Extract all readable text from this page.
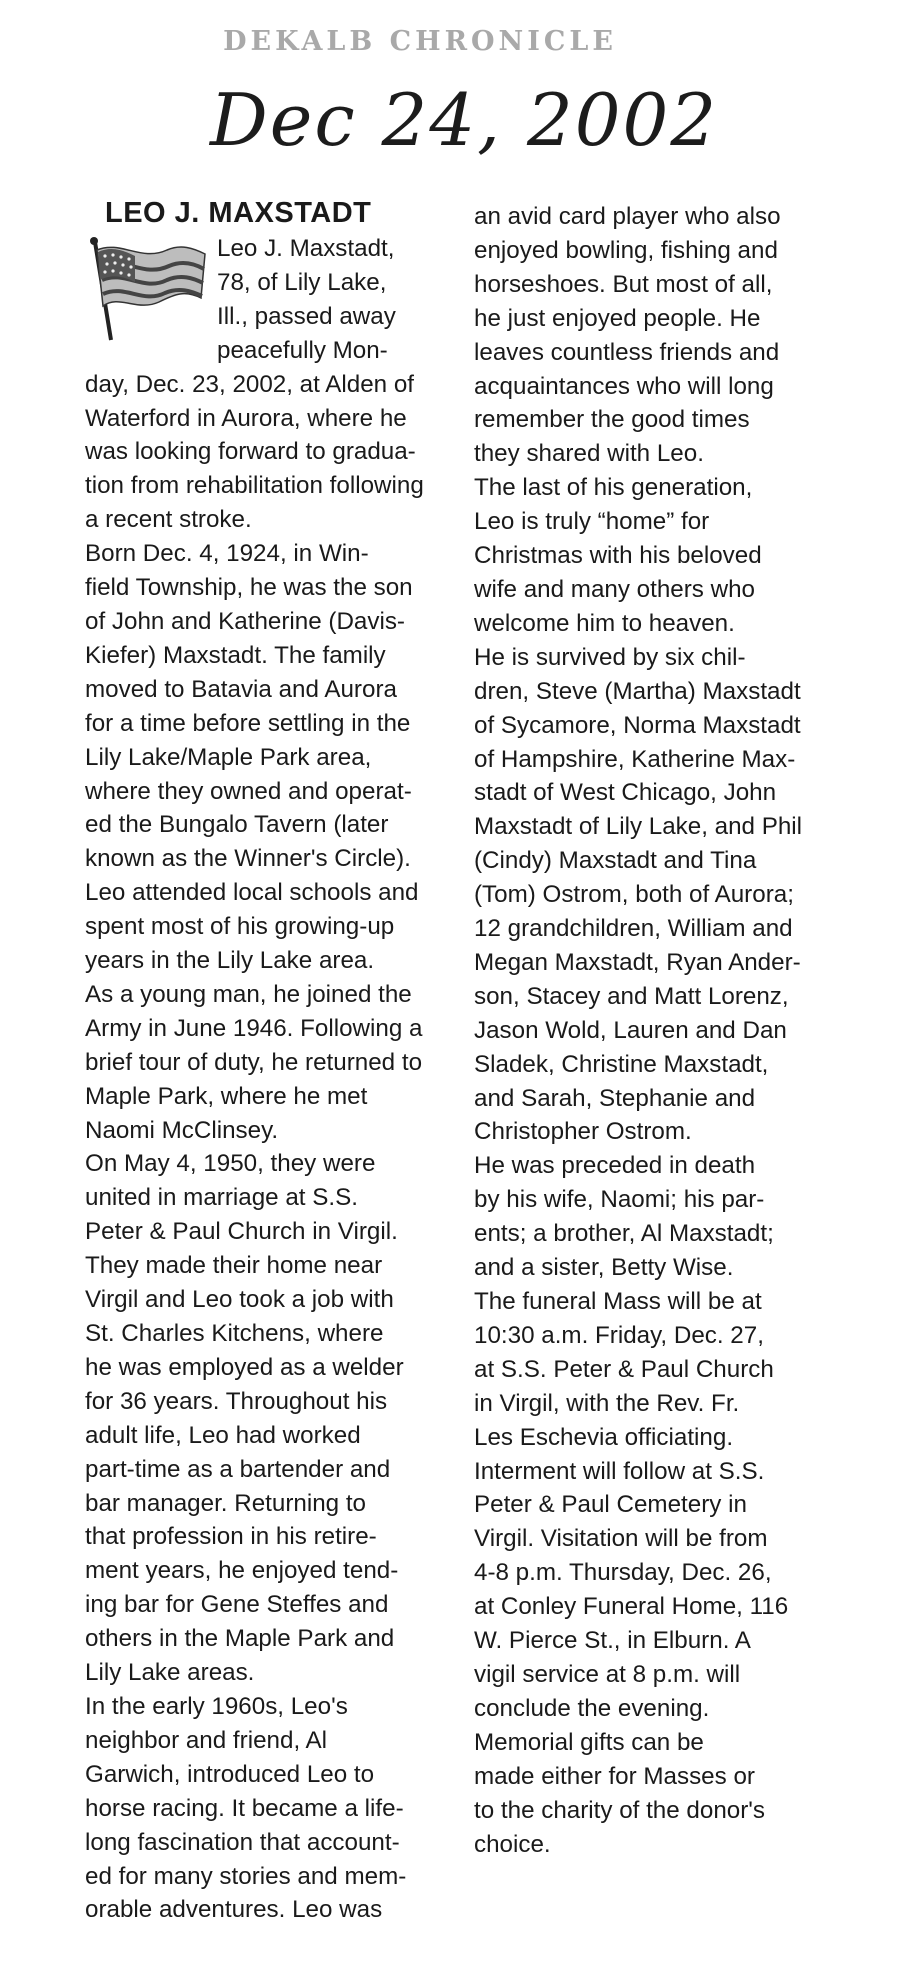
DEKALB CHRONICLE
Dec 24, 2002
LEO J. MAXSTADT

Leo J. Maxstadt,
78, of Lily Lake,
Ill., passed away
peacefully Mon-

day, Dec. 23, 2002, at Alden of
Waterford in Aurora, where he
was looking forward to gradua-
tion from rehabilitation following
a recent stroke.

Born Dec. 4, 1924, in Win-
field Township, he was the son
of John and Katherine (Davis-
Kiefer) Maxstadt. The family
moved to Batavia and Aurora
for a time before settling in the
Lily Lake/Maple Park area,
where they owned and operat-
ed the Bungalo Tavern (later
known as the Winner's Circle).
Leo attended local schools and
spent most of his growing-up
years in the Lily Lake area.
As a young man, he joined the
Army in June 1946. Following a
brief tour of duty, he returned to
Maple Park, where he met
Naomi McClinsey.

On May 4, 1950, they were
united in marriage at S.S.
Peter & Paul Church in Virgil.
They made their home near
Virgil and Leo took a job with
St. Charles Kitchens, where
he was employed as a welder
for 36 years. Throughout his
adult life, Leo had worked
part-time as a bartender and
bar manager. Returning to
that profession in his retire-
ment years, he enjoyed tend-
ing bar for Gene Steffes and
others in the Maple Park and
Lily Lake areas.

In the early 1960s, Leo's
neighbor and friend, Al
Garwich, introduced Leo to
horse racing. It became a life-
long fascination that account-
ed for many stories and mem-
orable adventures. Leo was

an avid card player who also
enjoyed bowling, fishing and
horseshoes. But most of all,
he just enjoyed people. He
leaves countless friends and
acquaintances who will long
remember the good times
they shared with Leo.

The last of his generation,
Leo is truly “home” for
Christmas with his beloved
wife and many others who
welcome him to heaven.

He is survived by six chil-
dren, Steve (Martha) Maxstadt
of Sycamore, Norma Maxstadt
of Hampshire, Katherine Max-
stadt of West Chicago, John
Maxstadt of Lily Lake, and Phil
(Cindy) Maxstadt and Tina
(Tom) Ostrom, both of Aurora;
12 grandchildren, William and
Megan Maxstadt, Ryan Ander-
son, Stacey and Matt Lorenz,
Jason Wold, Lauren and Dan
Sladek, Christine Maxstadt,
and Sarah, Stephanie and
Christopher Ostrom.

He was preceded in death
by his wife, Naomi; his par-
ents; a brother, Al Maxstadt;
and a sister, Betty Wise.

The funeral Mass will be at
10:30 a.m. Friday, Dec. 27,
at S.S. Peter & Paul Church
in Virgil, with the Rev. Fr.
Les Eschevia officiating.
Interment will follow at S.S.
Peter & Paul Cemetery in
Virgil. Visitation will be from
4-8 p.m. Thursday, Dec. 26,
at Conley Funeral Home, 116
W. Pierce St., in Elburn. A
vigil service at 8 p.m. will
conclude the evening.

Memorial gifts can be
made either for Masses or
to the charity of the donor's
choice.
